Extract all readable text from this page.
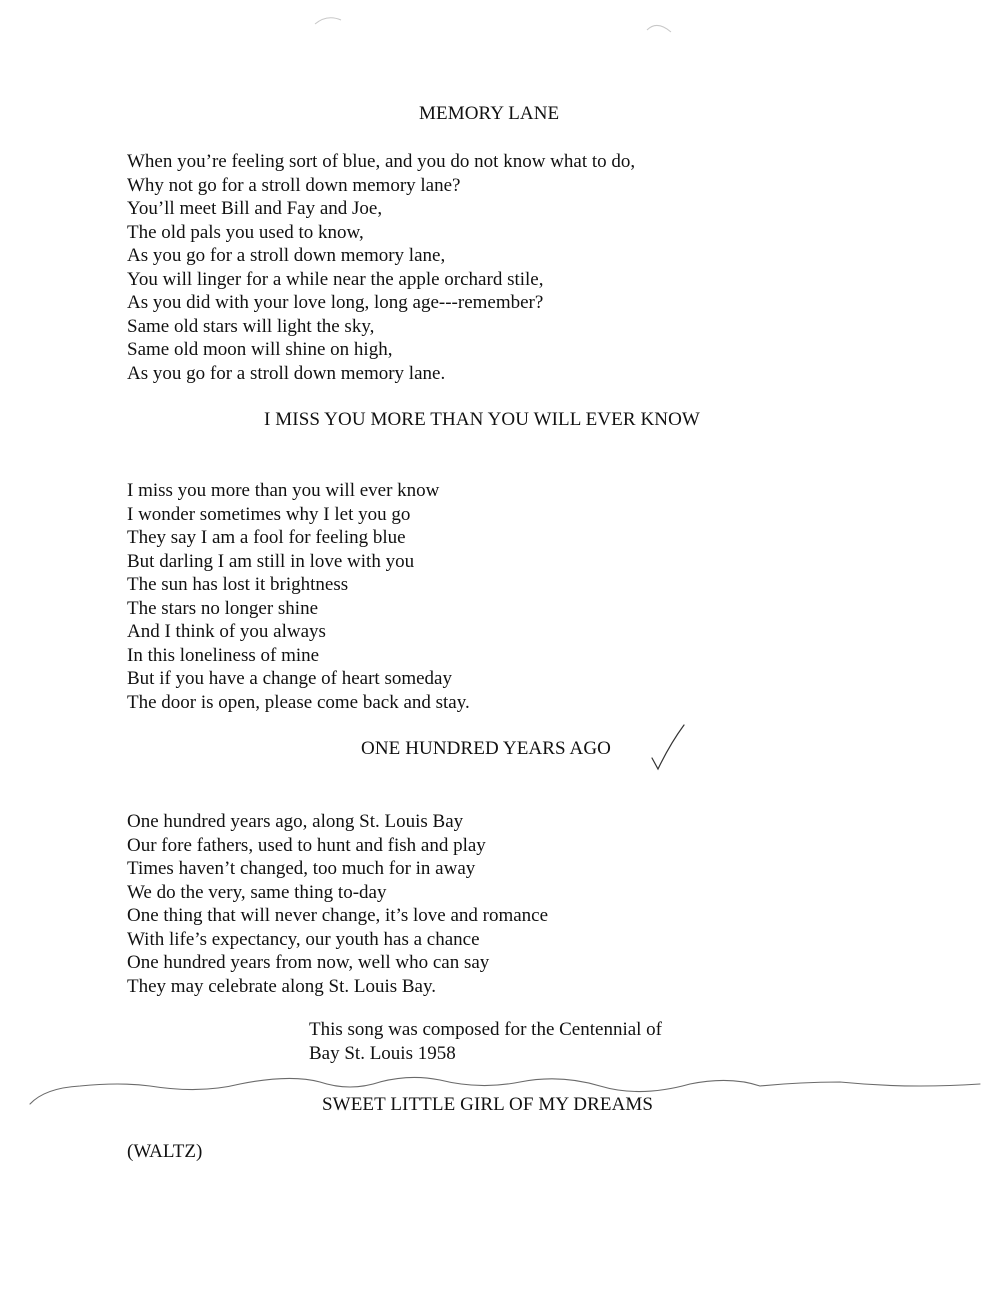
MEMORY LANE
When you’re feeling sort of blue, and you do not know what to do,
Why not go for a stroll down memory lane?
You’ll meet Bill and Fay and Joe,
The old pals you used to know,
As you go for a stroll down memory lane,
You will linger for a while near the apple orchard stile,
As you did with your love long, long age---remember?
Same old stars will light the sky,
Same old moon will shine on high,
As you go for a stroll down memory lane.
I MISS YOU MORE THAN YOU WILL EVER KNOW
I miss you more than you will ever know
I wonder sometimes why I let you go
They say I am a fool for feeling blue
But darling I am still in love with you
The sun has lost it brightness
The stars no longer shine
And I think of you always
In this loneliness of mine
But if you have a change of heart someday
The door is open, please come back and stay.
ONE HUNDRED YEARS AGO
One hundred years ago, along St. Louis Bay
Our fore fathers, used to hunt and fish and play
Times haven’t changed, too much for in away
We do the very, same thing to-day
One thing that will never change, it’s love and romance
With life’s expectancy, our youth has a chance
One hundred years from now, well who can say
They may celebrate along St. Louis Bay.
This song was composed for the Centennial of
Bay St. Louis 1958
SWEET LITTLE GIRL OF MY DREAMS
(WALTZ)
